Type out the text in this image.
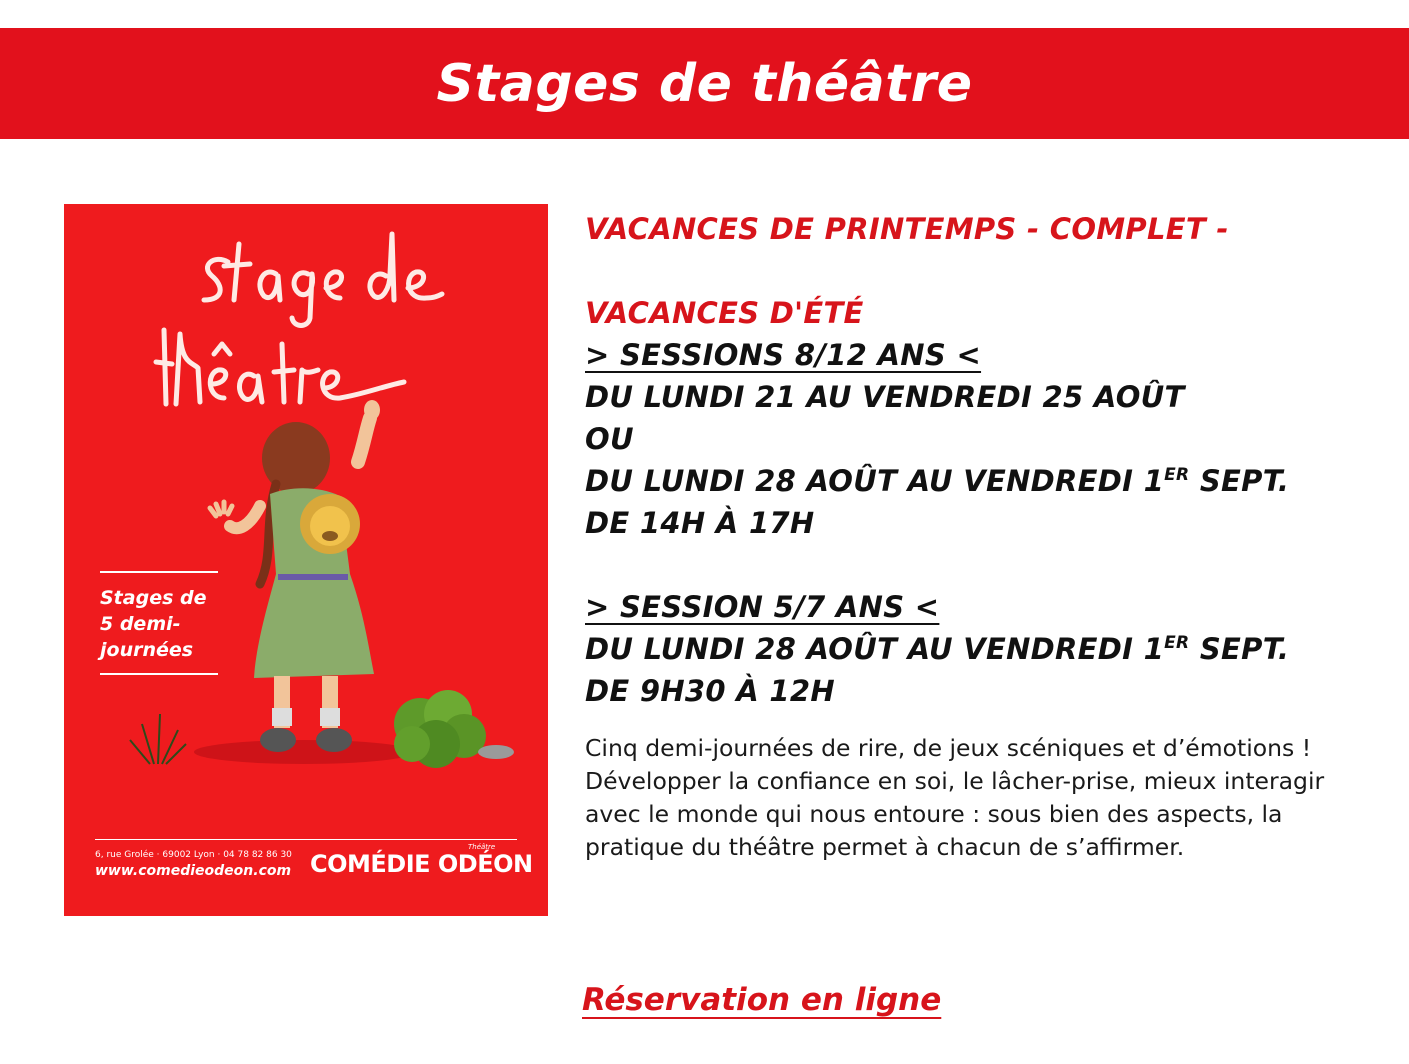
Stages de théâtre
Stages de
5 demi-
journées
6, rue Grolée · 69002 Lyon · 04 78 82 86 30
www.comedieodeon.com
Théâtre
COMÉDIE ODÉON
VACANCES DE PRINTEMPS - COMPLET -
VACANCES D'ÉTÉ
> SESSIONS 8/12 ANS <
DU LUNDI 21 AU VENDREDI 25 AOÛT
OU
DU LUNDI 28 AOÛT AU VENDREDI 1ER SEPT.
DE 14H À 17H
> SESSION 5/7 ANS <
DU LUNDI 28 AOÛT AU VENDREDI 1ER SEPT.
DE 9H30 À 12H

Cinq demi-journées de rire, de jeux scéniques et d’émotions ! Développer la confiance en soi, le lâcher-prise, mieux interagir avec le monde qui nous entoure : sous bien des aspects, la pratique du théâtre permet à chacun de s’affirmer.

Réservation en ligne
